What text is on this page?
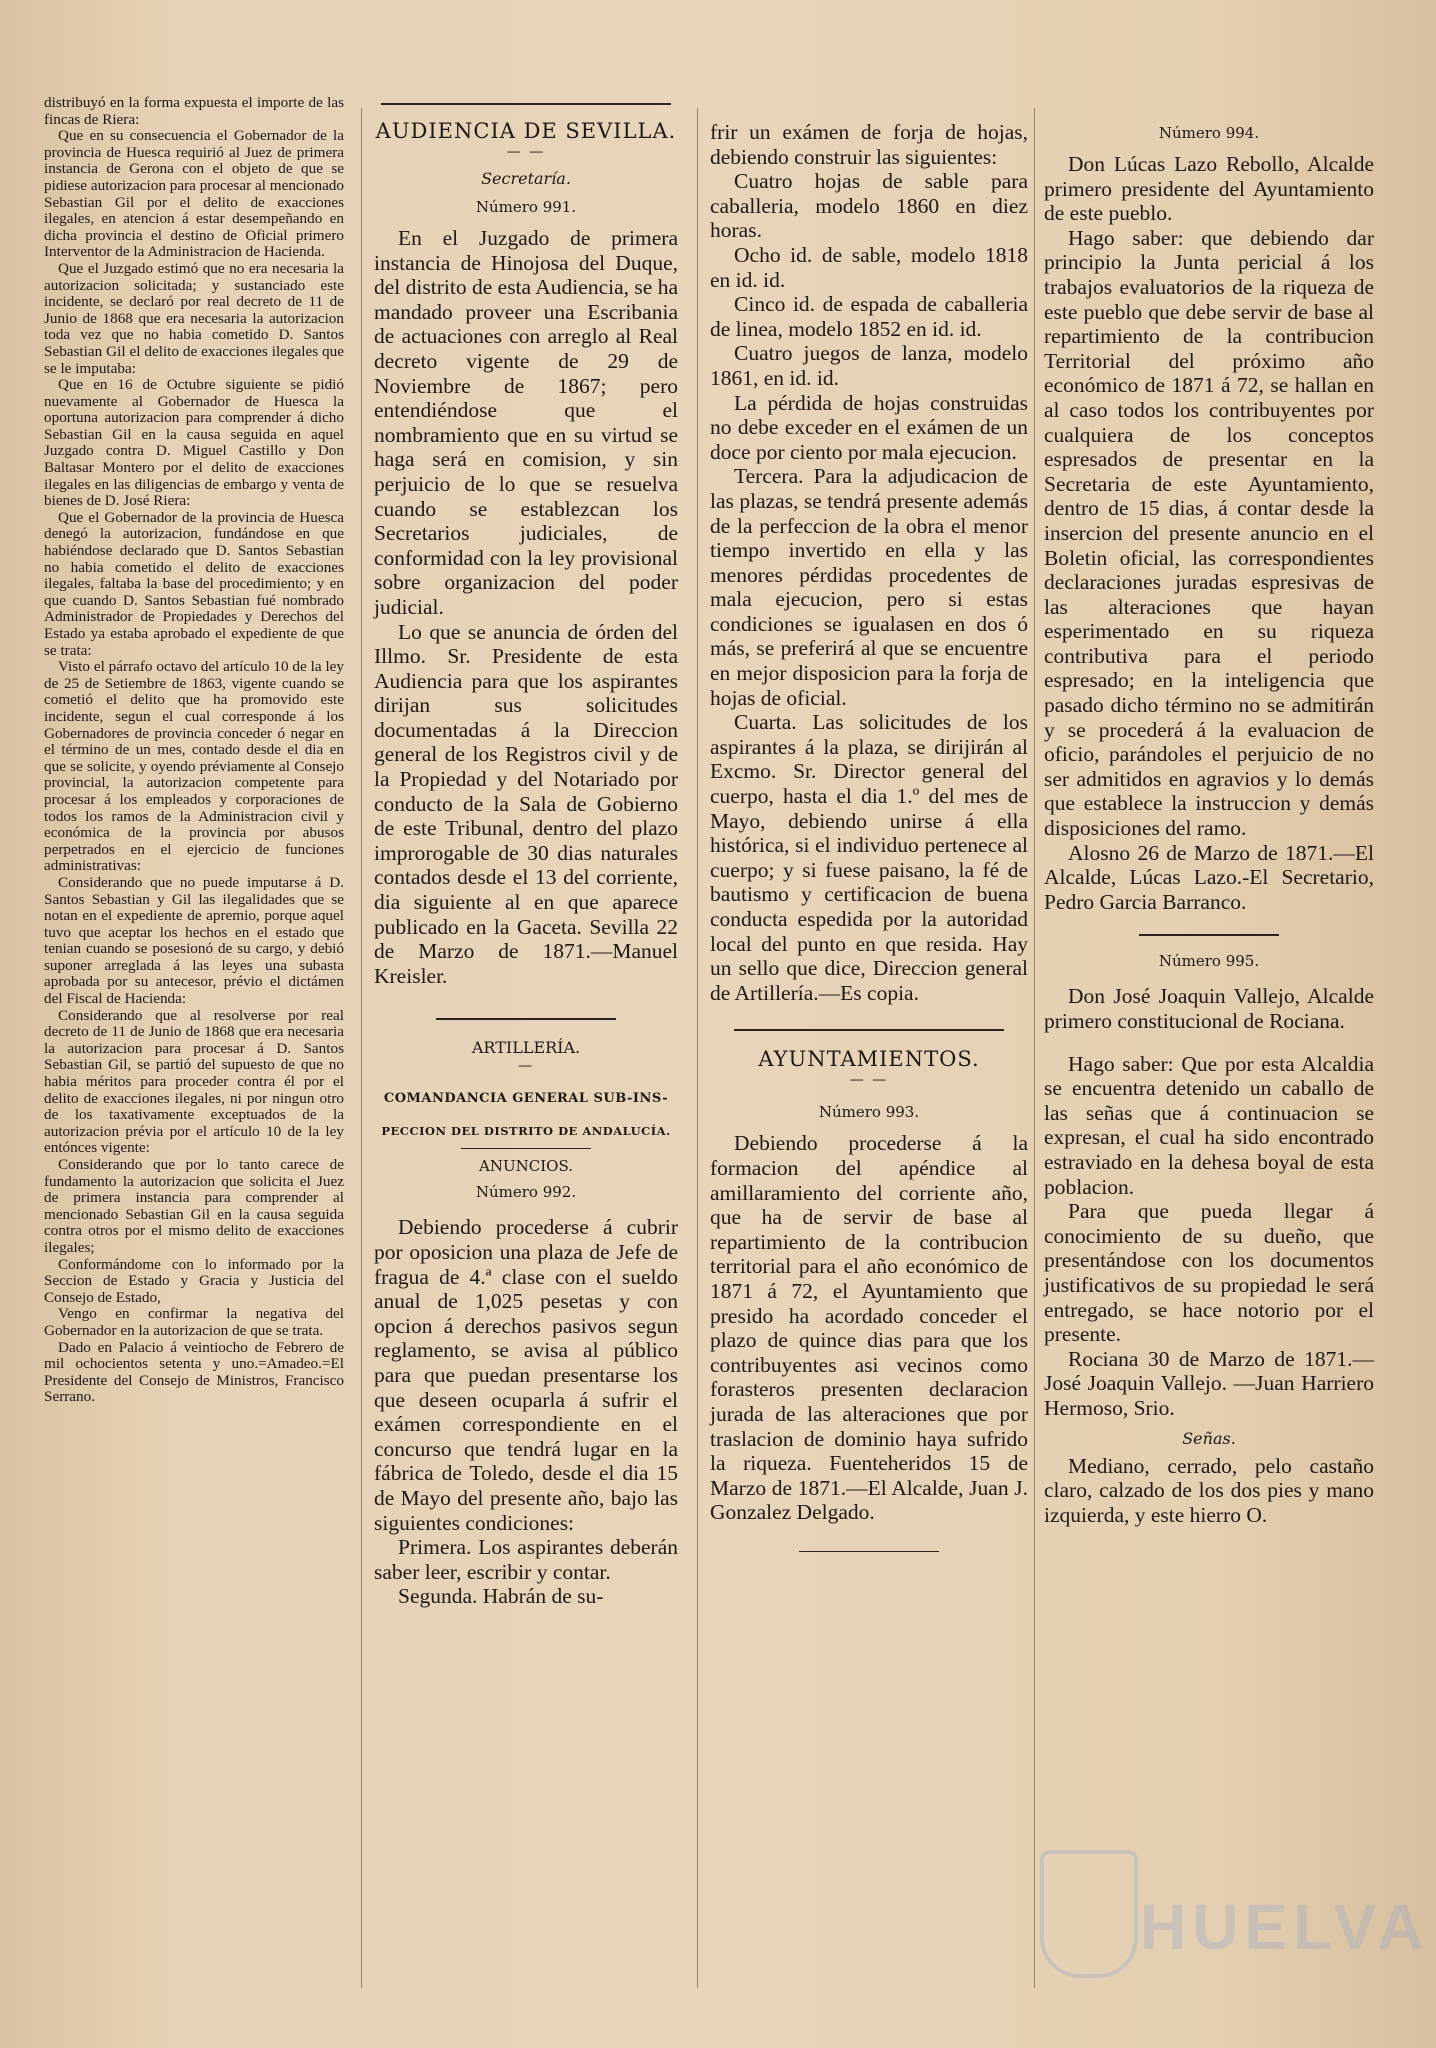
distribuyó en la forma expuesta el importe de las fincas de Riera:

Que en su consecuencia el Gobernador de la provincia de Huesca requirió al Juez de primera instancia de Gerona con el objeto de que se pidiese autorizacion para procesar al mencionado Sebastian Gil por el delito de exacciones ilegales, en atencion á estar desempeñando en dicha provincia el destino de Oficial primero Interventor de la Administracion de Hacienda.

Que el Juzgado estimó que no era necesaria la autorizacion solicitada; y sustanciado este incidente, se declaró por real decreto de 11 de Junio de 1868 que era necesaria la autorizacion toda vez que no habia cometido D. Santos Sebastian Gil el delito de exacciones ilegales que se le imputaba:

Que en 16 de Octubre siguiente se pidió nuevamente al Gobernador de Huesca la oportuna autorizacion para comprender á dicho Sebastian Gil en la causa seguida en aquel Juzgado contra D. Miguel Castillo y Don Baltasar Montero por el delito de exacciones ilegales en las diligencias de embargo y venta de bienes de D. José Riera:

Que el Gobernador de la provincia de Huesca denegó la autorizacion, fundándose en que habiéndose declarado que D. Santos Sebastian no habia cometido el delito de exacciones ilegales, faltaba la base del procedimiento; y en que cuando D. Santos Sebastian fué nombrado Administrador de Propiedades y Derechos del Estado ya estaba aprobado el expediente de que se trata:

Visto el párrafo octavo del artículo 10 de la ley de 25 de Setiembre de 1863, vigente cuando se cometió el delito que ha promovido este incidente, segun el cual corresponde á los Gobernadores de provincia conceder ó negar en el término de un mes, contado desde el dia en que se solicite, y oyendo préviamente al Consejo provincial, la autorizacion competente para procesar á los empleados y corporaciones de todos los ramos de la Administracion civil y económica de la provincia por abusos perpetrados en el ejercicio de funciones administrativas:

Considerando que no puede imputarse á D. Santos Sebastian y Gil las ilegalidades que se notan en el expediente de apremio, porque aquel tuvo que aceptar los hechos en el estado que tenian cuando se posesionó de su cargo, y debió suponer arreglada á las leyes una subasta aprobada por su antecesor, prévio el dictámen del Fiscal de Hacienda:

Considerando que al resolverse por real decreto de 11 de Junio de 1868 que era necesaria la autorizacion para procesar á D. Santos Sebastian Gil, se partió del supuesto de que no habia méritos para proceder contra él por el delito de exacciones ilegales, ni por ningun otro de los taxativamente exceptuados de la autorizacion prévia por el artículo 10 de la ley entónces vigente:

Considerando que por lo tanto carece de fundamento la autorizacion que solicita el Juez de primera instancia para comprender al mencionado Sebastian Gil en la causa seguida contra otros por el mismo delito de exacciones ilegales;

Conformándome con lo informado por la Seccion de Estado y Gracia y Justicia del Consejo de Estado,

Vengo en confirmar la negativa del Gobernador en la autorizacion de que se trata.

Dado en Palacio á veintiocho de Febrero de mil ochocientos setenta y uno.=Amadeo.=El Presidente del Consejo de Ministros, Francisco Serrano.

AUDIENCIA DE SEVILLA.
— —
Secretaría.
Número 991.

En el Juzgado de primera instancia de Hinojosa del Duque, del distrito de esta Audiencia, se ha mandado proveer una Escribania de actuaciones con arreglo al Real decreto vigente de 29 de Noviembre de 1867; pero entendiéndose que el nombramiento que en su virtud se haga será en comision, y sin perjuicio de lo que se resuelva cuando se establezcan los Secretarios judiciales, de conformidad con la ley provisional sobre organizacion del poder judicial.

Lo que se anuncia de órden del Illmo. Sr. Presidente de esta Audiencia para que los aspirantes dirijan sus solicitudes documentadas á la Direccion general de los Registros civil y de la Propiedad y del Notariado por conducto de la Sala de Gobierno de este Tribunal, dentro del plazo improrogable de 30 dias naturales contados desde el 13 del corriente, dia siguiente al en que aparece publicado en la Gaceta. Sevilla 22 de Marzo de 1871.—Manuel Kreisler.

ARTILLERÍA.
—
COMANDANCIA GENERAL SUB-INS-
PECCION DEL DISTRITO DE ANDALUCÍA.
ANUNCIOS.
Número 992.

Debiendo procederse á cubrir por oposicion una plaza de Jefe de fragua de 4.ª clase con el sueldo anual de 1,025 pesetas y con opcion á derechos pasivos segun reglamento, se avisa al público para que puedan presentarse los que deseen ocuparla á sufrir el exámen correspondiente en el concurso que tendrá lugar en la fábrica de Toledo, desde el dia 15 de Mayo del presente año, bajo las siguientes condiciones:

Primera. Los aspirantes deberán saber leer, escribir y contar.

Segunda. Habrán de su-

frir un exámen de forja de hojas, debiendo construir las siguientes:

Cuatro hojas de sable para caballeria, modelo 1860 en diez horas.

Ocho id. de sable, modelo 1818 en id. id.

Cinco id. de espada de caballeria de linea, modelo 1852 en id. id.

Cuatro juegos de lanza, modelo 1861, en id. id.

La pérdida de hojas construidas no debe exceder en el exámen de un doce por ciento por mala ejecucion.

Tercera. Para la adjudicacion de las plazas, se tendrá presente además de la perfeccion de la obra el menor tiempo invertido en ella y las menores pérdidas procedentes de mala ejecucion, pero si estas condiciones se igualasen en dos ó más, se preferirá al que se encuentre en mejor disposicion para la forja de hojas de oficial.

Cuarta. Las solicitudes de los aspirantes á la plaza, se dirijirán al Excmo. Sr. Director general del cuerpo, hasta el dia 1.º del mes de Mayo, debiendo unirse á ella histórica, si el individuo pertenece al cuerpo; y si fuese paisano, la fé de bautismo y certificacion de buena conducta espedida por la autoridad local del punto en que resida. Hay un sello que dice, Direccion general de Artillería.—Es copia.

AYUNTAMIENTOS.
— —
Número 993.

Debiendo procederse á la formacion del apéndice al amillaramiento del corriente año, que ha de servir de base al repartimiento de la contribucion territorial para el año económico de 1871 á 72, el Ayuntamiento que presido ha acordado conceder el plazo de quince dias para que los contribuyentes asi vecinos como forasteros presenten declaracion jurada de las alteraciones que por traslacion de dominio haya sufrido la riqueza. Fuenteheridos 15 de Marzo de 1871.—El Alcalde, Juan J. Gonzalez Delgado.

Número 994.

Don Lúcas Lazo Rebollo, Alcalde primero presidente del Ayuntamiento de este pueblo.

Hago saber: que debiendo dar principio la Junta pericial á los trabajos evaluatorios de la riqueza de este pueblo que debe servir de base al repartimiento de la contribucion Territorial del próximo año económico de 1871 á 72, se hallan en al caso todos los contribuyentes por cualquiera de los conceptos espresados de presentar en la Secretaria de este Ayuntamiento, dentro de 15 dias, á contar desde la insercion del presente anuncio en el Boletin oficial, las correspondientes declaraciones juradas espresivas de las alteraciones que hayan esperimentado en su riqueza contributiva para el periodo espresado; en la inteligencia que pasado dicho término no se admitirán y se procederá á la evaluacion de oficio, parándoles el perjuicio de no ser admitidos en agravios y lo demás que establece la instruccion y demás disposiciones del ramo.

Alosno 26 de Marzo de 1871.—El Alcalde, Lúcas Lazo.-El Secretario, Pedro Garcia Barranco.

Número 995.

Don José Joaquin Vallejo, Alcalde primero constitucional de Rociana.

Hago saber: Que por esta Alcaldia se encuentra detenido un caballo de las señas que á continuacion se expresan, el cual ha sido encontrado estraviado en la dehesa boyal de esta poblacion.

Para que pueda llegar á conocimiento de su dueño, que presentándose con los documentos justificativos de su propiedad le será entregado, se hace notorio por el presente.

Rociana 30 de Marzo de 1871.—José Joaquin Vallejo. —Juan Harriero Hermoso, Srio.

Señas.

Mediano, cerrado, pelo castaño claro, calzado de los dos pies y mano izquierda, y este hierro O.

HUELVA
